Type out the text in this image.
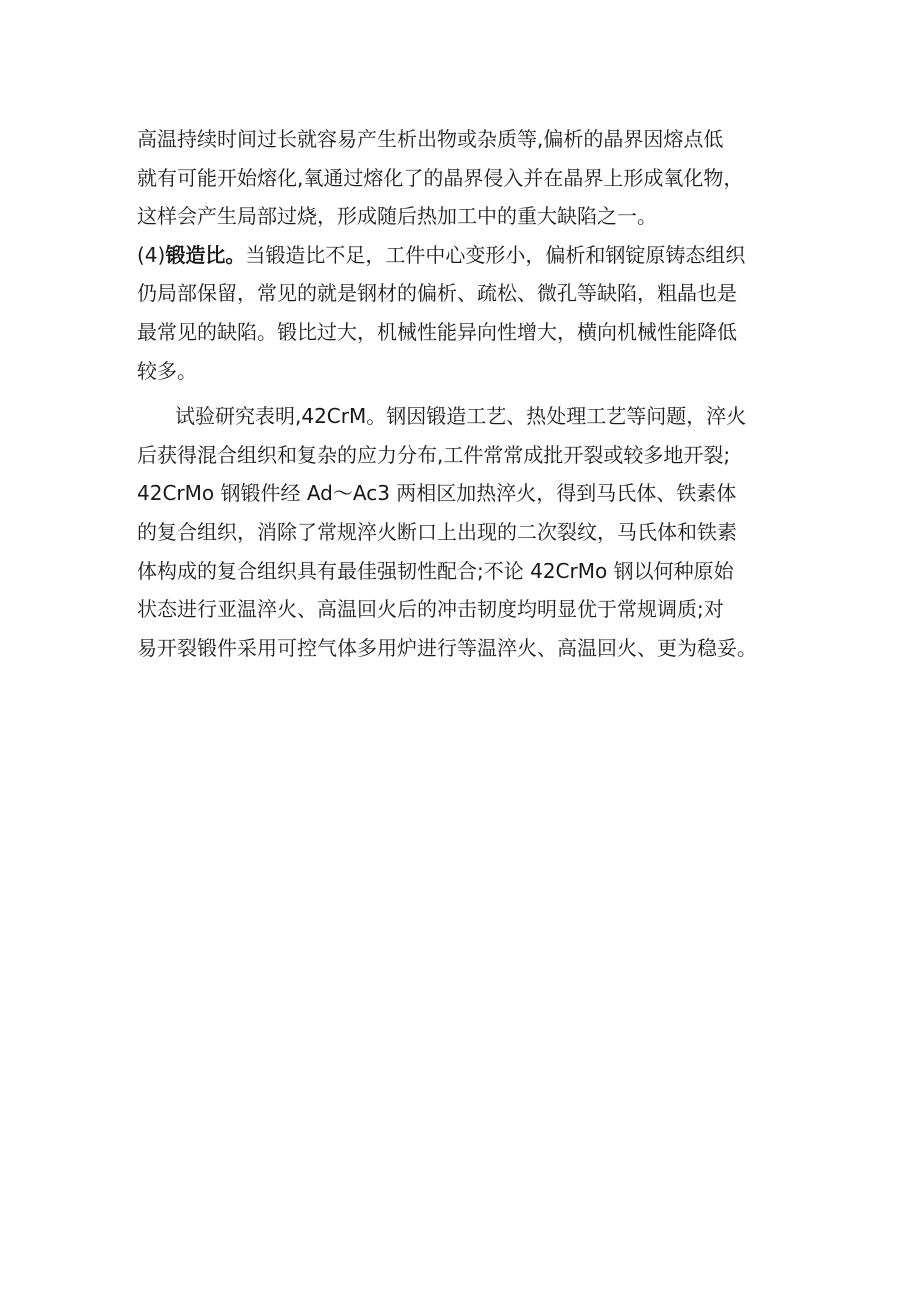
高温持续时间过长就容易产生析出物或杂质等,偏析的晶界因熔点低
就有可能开始熔化,氧通过熔化了的晶界侵入并在晶界上形成氧化物，
这样会产生局部过烧，形成随后热加工中的重大缺陷之一。
(4)锻造比。当锻造比不足，工件中心变形小，偏析和钢锭原铸态组织
仍局部保留，常见的就是钢材的偏析、疏松、微孔等缺陷，粗晶也是
最常见的缺陷。锻比过大，机械性能异向性增大，横向机械性能降低
较多。
试验研究表明,42CrM。钢因锻造工艺、热处理工艺等问题，淬火
后获得混合组织和复杂的应力分布,工件常常成批开裂或较多地开裂;
42CrMo 钢锻件经 Ad〜Ac3 两相区加热淬火，得到马氏体、铁素体
的复合组织，消除了常规淬火断口上出现的二次裂纹，马氏体和铁素
体构成的复合组织具有最佳强韧性配合;不论 42CrMo 钢以何种原始
状态进行亚温淬火、高温回火后的冲击韧度均明显优于常规调质;对
易开裂锻件采用可控气体多用炉进行等温淬火、高温回火、更为稳妥。
